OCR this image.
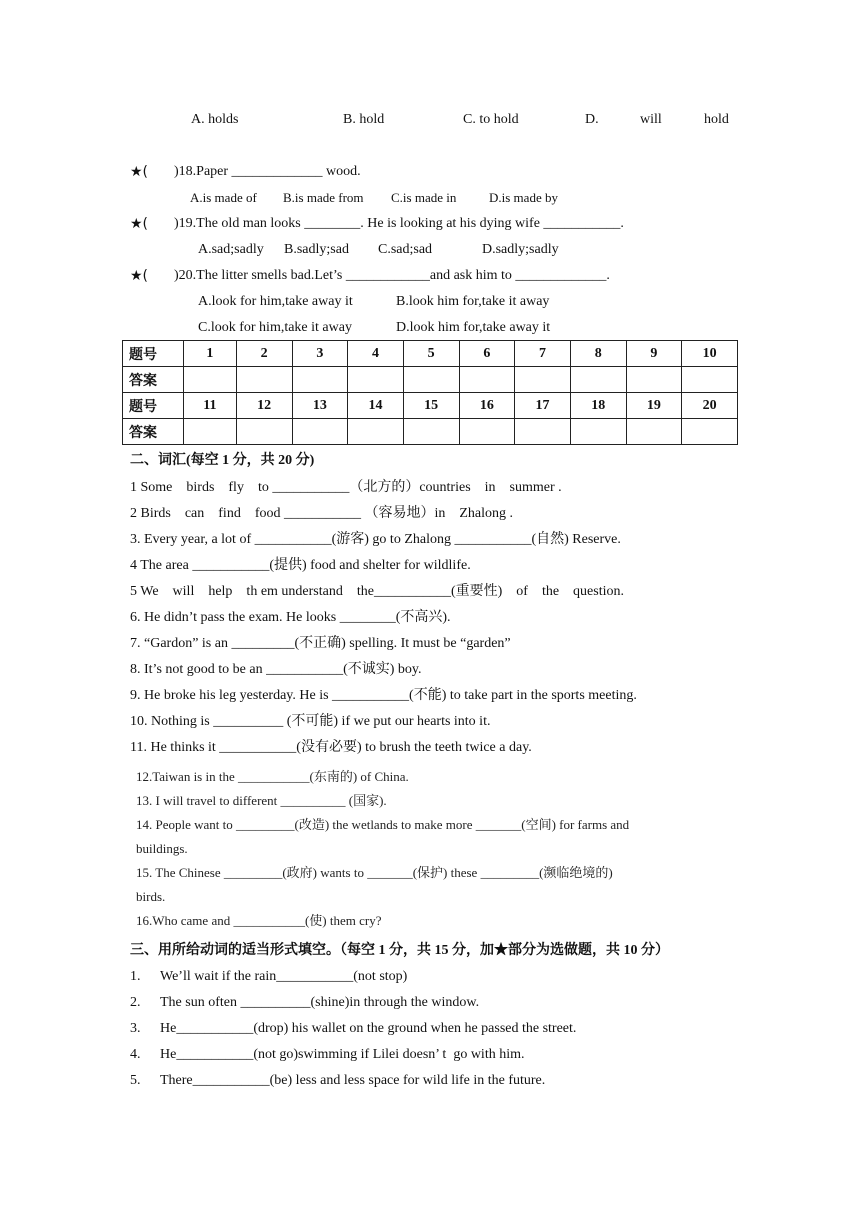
A. holds	B. hold	C. to hold	D.	will	hold
★( )18.Paper _____________ wood.
A.is made of B.is made from C.is made in	D.is made by
★( )19.The old man looks ________. He is looking at his dying wife ___________.
A.sad;sadly B.sadly;sad C.sad;sad	D.sadly;sadly
★( )20.The litter smells bad.Let’s ____________and ask him to _____________.
A.look for him,take away it	B.look him for,take it away
C.look for him,take it away	D.look him for,take away it
题号	1	2	3	4	5	6	7	8	9	10
答案										
题号	11	12	13	14	15	16	17	18	19	20
答案										
二、词汇(每空 1 分，共 20 分)
1 Some    birds    fly    to ___________（北方的）countries    in    summer .
2 Birds    can    find    food ___________ （容易地）in    Zhalong .
3. Every year, a lot of ___________(游客) go to Zhalong ___________(自然) Reserve.
4 The area ___________(提供) food and shelter for wildlife.
5 We    will    help    th em understand    the___________(重要性)    of    the    question.
6. He didn’t pass the exam. He looks ________(不高兴).
7. “Gardon” is an _________(不正确) spelling. It must be “garden”
8. It’s not good to be an ___________(不诚实) boy.
9. He broke his leg yesterday. He is ___________(不能) to take part in the sports meeting.
10. Nothing is __________ (不可能) if we put our hearts into it.
11. He thinks it ___________(没有必要) to brush the teeth twice a day.
12.Taiwan is in the ___________(东南的) of China.
13. I will travel to different __________ (国家).
14. People want to _________(改造) the wetlands to make more _______(空间) for farms and
buildings.
15. The Chinese _________(政府) wants to _______(保护) these _________(濒临绝境的)
birds.
16.Who came and ___________(使) them cry?
三、用所给动词的适当形式填空。（每空 1 分，共 15 分，加★部分为选做题，共 10 分）
1. We’ll wait if the rain___________(not stop)
2. The sun often __________(shine)in through the window.
3. He___________(drop) his wallet on the ground when he passed the street.
4. He___________(not go)swimming if Lilei doesn’ t  go with him.
5. There___________(be) less and less space for wild life in the future.
